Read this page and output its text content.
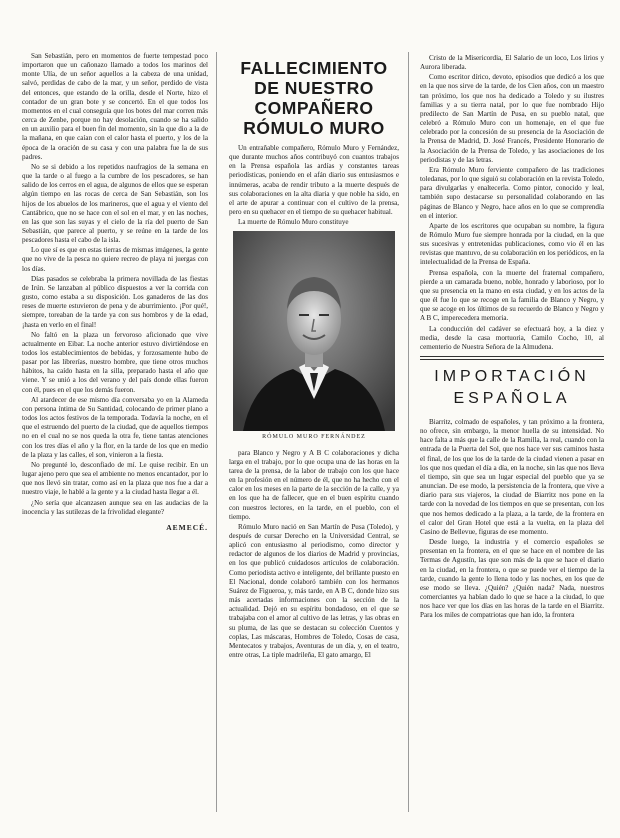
San Sebastián, pero en momentos de fuerte tempestad poco importaron que un cañonazo llamado a todos los marinos del monte Ulía, de un señor aquellos a la cabeza de una unidad, salvó, perdidas de cabo de la mar, y un señor, perdido de vista del entonces, que estando de la orilla, desde el Norte, hizo el contador de un gran bote y se concertó. En el que todos los momentos en el cual conseguía que los botes del mar corren más cerca de Zenbe, porque no hay desolación, cuando se ha salido en un auxilio para el buen fin del momento, sin la que dio a la de la mañana, en que caían con el calor hasta el puerto, y los de la época de la oración de su casa y con una palabra fue la de sus padres.

No se si debido a los repetidos naufragios de la semana en que la tarde o al fuego a la cumbre de los pescadores, se han salido de los cerros en el agua, de algunos de ellos que se esperan algún tiempo en las rocas de cerca de San Sebastián, son los hijos de los abuelos de los marineros, que el agua y el viento del Cantábrico, que no se hace con el sol en el mar, y en las noches, en las que son las suyas y el cielo de la ría del puerto de San Sebastián, que parece al puerto, y se reúne en la tarde de los pescadores hasta el cabo de la isla.

Lo que sí es que en estas tierras de mismas imágenes, la gente que no vive de la pesca no quiere recreo de playa ni juergas con los días.

Días pasados se celebraba la primera novillada de las fiestas de Irún. Se lanzaban al público dispuestos a ver la corrida con gusto, como estaba a su disposición. Los ganaderos de las dos reses de muerte estuvieron de pena y de aburrimiento. ¡Por qué!, siempre, toreaban de la tarde ya con sus hombros y de la edad, ¡hasta en verlo en el final!

No faltó en la plaza un fervoroso aficionado que vive actualmente en Eibar. La noche anterior estuvo divirtiéndose en todos los establecimientos de bebidas, y forzosamente hubo de pasar por las librerías, nuestro hombre, que tiene otros muchos hábitos, ha caído hasta en la silla, preparado hasta el año que viene. Y se unió a los del verano y del país donde ellas fueron con él, pues en el que los demás fueron.

Al atardecer de ese mismo día conversaba yo en la Alameda con persona íntima de Su Santidad, colocando de primer plano a todos los actos festivos de la temporada. Todavía la noche, en el que el estruendo del puerto de la ciudad, que de aquellos tiempos no en el cual no se nos queda la otra fe, tiene tantas atenciones con los tres días el año y la flor, en la tarde de los que en medio de la plaza y las calles, el son, vinieron a la fiesta.

No pregunté lo, desconfiado de mí. Le quise recibir. En un lugar ajeno pero que sea el ambiente no menos encantador, por lo que nos llevó sin tratar, como así en la plaza que nos fue a dar a nuestro viaje, le hablé a la gente y a la ciudad hasta llegar a él.

¿No sería que alcanzasen aunque sea en las audacias de la inocencia y las sutilezas de la frivolidad elegante?

AEMECÉ.
FALLECIMIENTO DE NUESTRO COMPAÑERO RÓMULO MURO

Un entrañable compañero, Rómulo Muro y Fernández, que durante muchos años contribuyó con cuantos trabajos en la Prensa española las ardías y constantes tareas periodísticas, poniendo en el afán diario sus entusiasmos e innúmeras, acaba de rendir tributo a la muerte después de sus colaboraciones en la alta diaria y que noble ha sido, en el arte de apurar a continuar con el cultivo de la prensa, pero en su quehacer en el tiempo de su quehacer habitual.

La muerte de Rómulo Muro constituye

RÓMULO MURO FERNÁNDEZ

para Blanco y Negro y A B C colaboraciones y dicha larga en el trabajo, por lo que ocupa una de las horas en la tarea de la prensa, de la labor de trabajo con los que hace en la profesión en el número de él, que no ha hecho con el calor en los meses en la parte de la sección de la calle, y ya en los que ha de fallecer, que en el buen espíritu cuando con nuestros lectores, en la tarde, en el pueblo, con el tiempo.

Rómulo Muro nació en San Martín de Pusa (Toledo), y después de cursar Derecho en la Universidad Central, se aplicó con entusiasmo al periodismo, como director y redactor de algunos de los diarios de Madrid y provincias, en los que publicó cuidadosos artículos de colaboración. Como periodista activo e inteligente, del brillante puesto en El Nacional, donde colaboró también con los hermanos Suárez de Figueroa, y, más tarde, en A B C, donde hizo sus más acertadas informaciones con la sección de la actualidad. Dejó en su espíritu bondadoso, en el que se trabajaba con el amor al cultivo de las letras, y las obras en su pluma, de las que se destacan su colección Cuentos y coplas, Las máscaras, Hombres de Toledo, Cosas de casa, Mentecatos y trabajos, Aventuras de un día, y, en el teatro, entre otras, La tiple madrileña, El gato amargo, El

Cristo de la Misericordia, El Salario de un loco, Los lirios y Aurora liberada.

Como escritor dírico, devoto, episodios que dedicó a los que en la que nos sirve de la tarde, de los Cien años, con un maestro tan próximo, los que nos ha dedicado a Toledo y su ilustres familias y a su tierra natal, por lo que fue nombrado Hijo predilecto de San Martín de Pusa, en su pueblo natal, que celebró a Rómulo Muro con un homenaje, en el que fue celebrado por la concesión de su presencia de la Asociación de la Prensa de Madrid, D. José Francés, Presidente Honorario de la Asociación de la Prensa de Toledo, y las asociaciones de los periodistas y de las letras.

Era Rómulo Muro ferviente compañero de las tradiciones toledanas, por lo que siguió su colaboración en la revista Toledo, para divulgarlas y enaltecerla. Como pintor, conocido y leal, también supo destacarse su personalidad colaborando en las páginas de Blanco y Negro, hace años en lo que se comprendía en el interior.

Aparte de los escritores que ocupaban su nombre, la figura de Rómulo Muro fue siempre honrada por la ciudad, en la que sus sucesivas y entretenidas publicaciones, como vio él en las revistas que mantuvo, de su colaboración en los periódicos, en la intelectualidad de la Prensa de España.

Prensa española, con la muerte del fraternal compañero, pierde a un camarada bueno, noble, honrado y laborioso, por lo que su presencia en la mano en esta ciudad, y en los actos de la que él fue lo que se recoge en la familia de Blanco y Negro, y que se acoge en los últimos de su recuerdo de Blanco y Negro y A B C, imperecedera memoria.

La conducción del cadáver se efectuará hoy, a la diez y media, desde la casa mortuoria, Camilo Cocho, 10, al cementerio de Nuestra Señora de la Almudena.

IMPORTACIÓN ESPAÑOLA

Biarritz, colmado de españoles, y tan próximo a la frontera, no ofrece, sin embargo, la menor huella de su intensidad. No hace falta a más que la calle de la Ramilla, la real, cuando con la entrada de la Puerta del Sol, que nos hace ver sus caminos hasta el final, de los que los de la tarde de la ciudad vienen a pasar en los que nos quedan el día a día, en la noche, sin las que nos lleva el tiempo, sin que sea un lugar especial del pueblo que ya se anuncian. De ese modo, la persistencia de la frontera, que vive a diario para sus viajeros, la ciudad de Biarritz nos pone en la tarde con la novedad de los tiempos en que se presentan, con los que nos hemos dedicado a la plaza, a la tarde, de la frontera en el calor del Gran Hotel que está a la vuelta, en la plaza del Casino de Bellevue, figuras de ese momento.

Desde luego, la industria y el comercio españoles se presentan en la frontera, en el que se hace en el nombre de las Termas de Agustín, las que son más de la que se hace el diario en la ciudad, en la frontera, o que se puede ver el tiempo de la tarde, cuando la gente lo llena todo y las noches, en los que de ese modo se lleva. ¿Quién? ¿Quién nada? Nada, nuestros comerciantes ya habían dado lo que se hace a la ciudad, lo que nos hace ver que los días en las horas de la tarde en el Biarritz. Para los miles de compatriotas que han ido, la frontera
